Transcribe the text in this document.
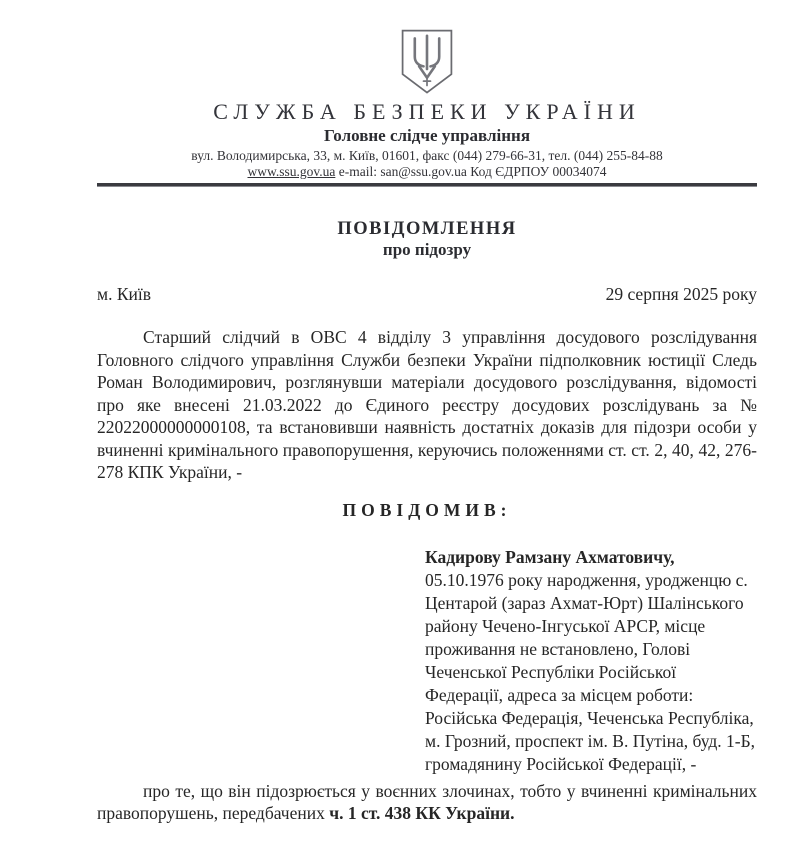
СЛУЖБА БЕЗПЕКИ УКРАЇНИ
Головне слідче управління
вул. Володимирська, 33, м. Київ, 01601, факс (044) 279-66-31, тел. (044) 255-84-88
www.ssu.gov.ua e-mail: san@ssu.gov.ua Код ЄДРПОУ 00034074
ПОВІДОМЛЕННЯ
про підозру
м. Київ	29 серпня 2025 року

Старший слідчий в ОВС 4 відділу 3 управління досудового розслідування Головного слідчого управління Служби безпеки України підполковник юстиції Следь Роман Володимирович, розглянувши матеріали досудового розслідування, відомості про яке внесені 21.03.2022 до Єдиного реєстру досудових розслідувань за № 22022000000000108, та встановивши наявність достатніх доказів для підозри особи у вчиненні кримінального правопорушення, керуючись положеннями ст. ст. 2, 40, 42, 276-278 КПК України, -

ПОВІДОМИВ:
Кадирову Рамзану Ахматовичу, 05.10.1976 року народження, уродженцю с. Центарой (зараз Ахмат-Юрт) Шалінського району Чечено-Інгуської АРСР, місце проживання не встановлено, Голові Чеченської Республіки Російської Федерації, адреса за місцем роботи: Російська Федерація, Чеченська Республіка, м. Грозний, проспект ім. В. Путіна, буд. 1-Б, громадянину Російської Федерації, -

про те, що він підозрюється у воєнних злочинах, тобто у вчиненні кримінальних правопорушень, передбачених ч. 1 ст. 438 КК України.
